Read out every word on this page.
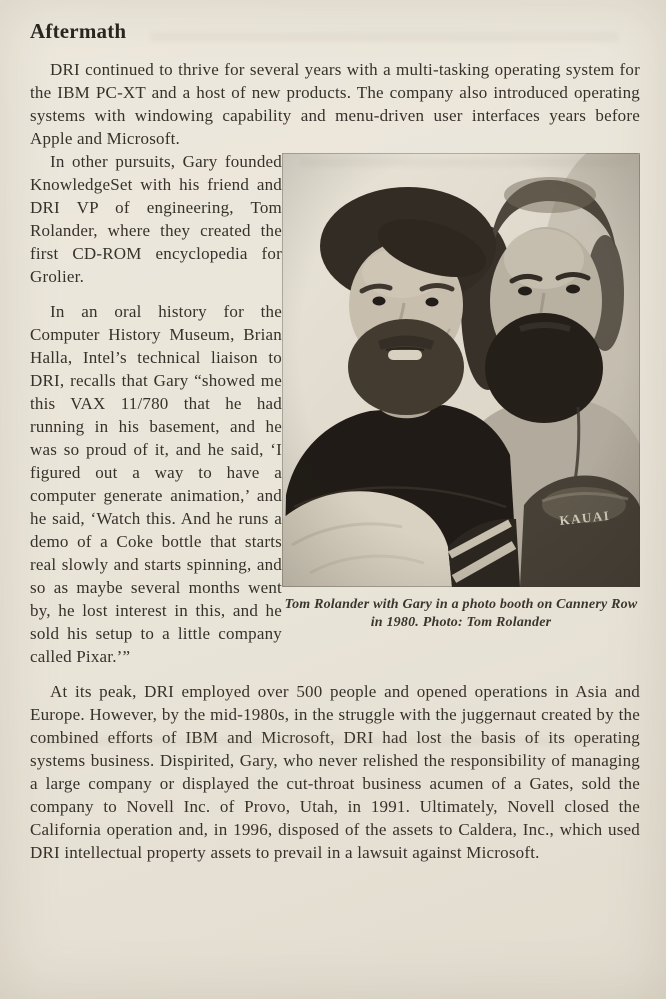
Aftermath

DRI continued to thrive for several years with a multi-tasking operating system for the IBM PC-XT and a host of new products. The company also introduced operating systems with windowing capability and menu-driven user interfaces years before Apple and Microsoft.

Tom Rolander with Gary in a photo booth on Cannery Row in 1980. Photo: Tom Rolander

In other pursuits, Gary founded KnowledgeSet with his friend and DRI VP of engineering, Tom Rolander, where they created the first CD-ROM encyclopedia for Grolier.

In an oral history for the Computer History Museum, Brian Halla, Intel’s technical liaison to DRI, recalls that Gary “showed me this VAX 11/780 that he had running in his basement, and he was so proud of it, and he said, ‘I figured out a way to have a computer generate animation,’ and he said, ‘Watch this. And he runs a demo of a Coke bottle that starts real slowly and starts spinning, and so as maybe several months went by, he lost interest in this, and he sold his setup to a little company called Pixar.’”

At its peak, DRI employed over 500 people and opened operations in Asia and Europe. However, by the mid-1980s, in the struggle with the juggernaut created by the combined efforts of IBM and Microsoft, DRI had lost the basis of its operating systems business. Dispirited, Gary, who never relished the responsibility of managing a large company or displayed the cut-throat business acumen of a Gates, sold the company to Novell Inc. of Provo, Utah, in 1991. Ultimately, Novell closed the California operation and, in 1996, disposed of the assets to Caldera, Inc., which used DRI intellectual property assets to prevail in a lawsuit against Microsoft.
